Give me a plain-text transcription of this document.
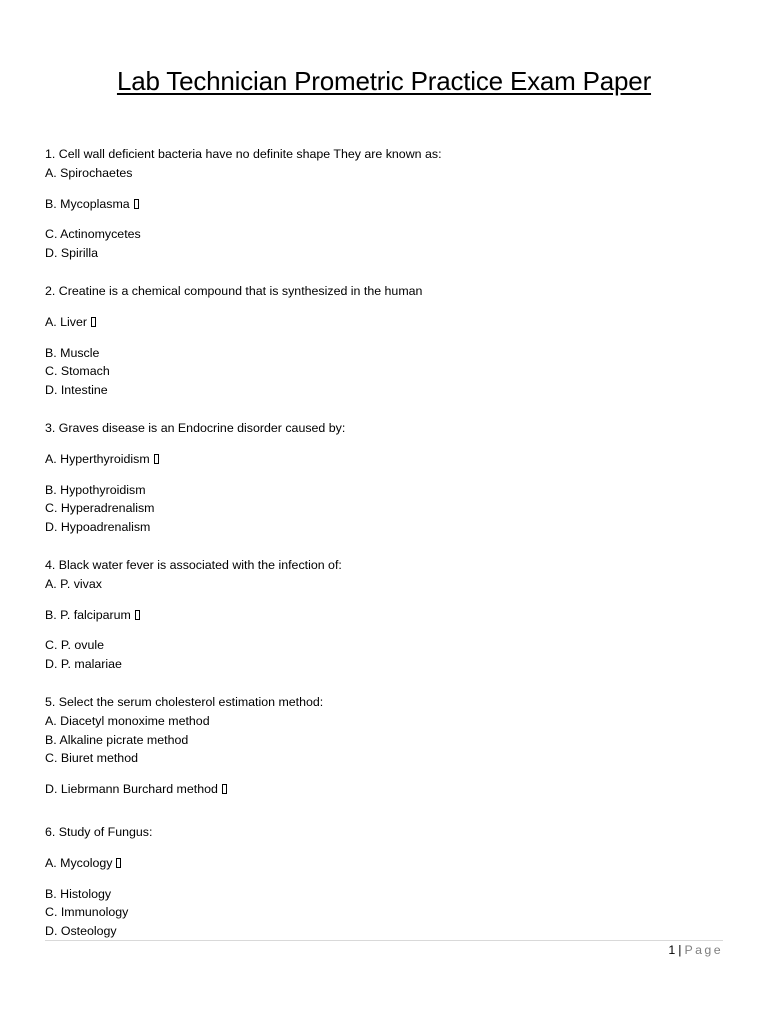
Lab Technician Prometric Practice Exam Paper
1. Cell wall deficient bacteria have no definite shape They are known as:
A. Spirochaetes
B. Mycoplasma
C. Actinomycetes
D. Spirilla
2. Creatine is a chemical compound that is synthesized in the human
A. Liver
B. Muscle
C. Stomach
D. Intestine
3. Graves disease is an Endocrine disorder caused by:
A. Hyperthyroidism
B. Hypothyroidism
C. Hyperadrenalism
D. Hypoadrenalism
4. Black water fever is associated with the infection of:
A. P. vivax
B. P. falciparum
C. P. ovule
D. P. malariae
5. Select the serum cholesterol estimation method:
A. Diacetyl monoxime method
B. Alkaline picrate method
C. Biuret method
D. Liebrmann Burchard method
6. Study of Fungus:
A. Mycology
B. Histology
C. Immunology
D. Osteology
1 | Page
